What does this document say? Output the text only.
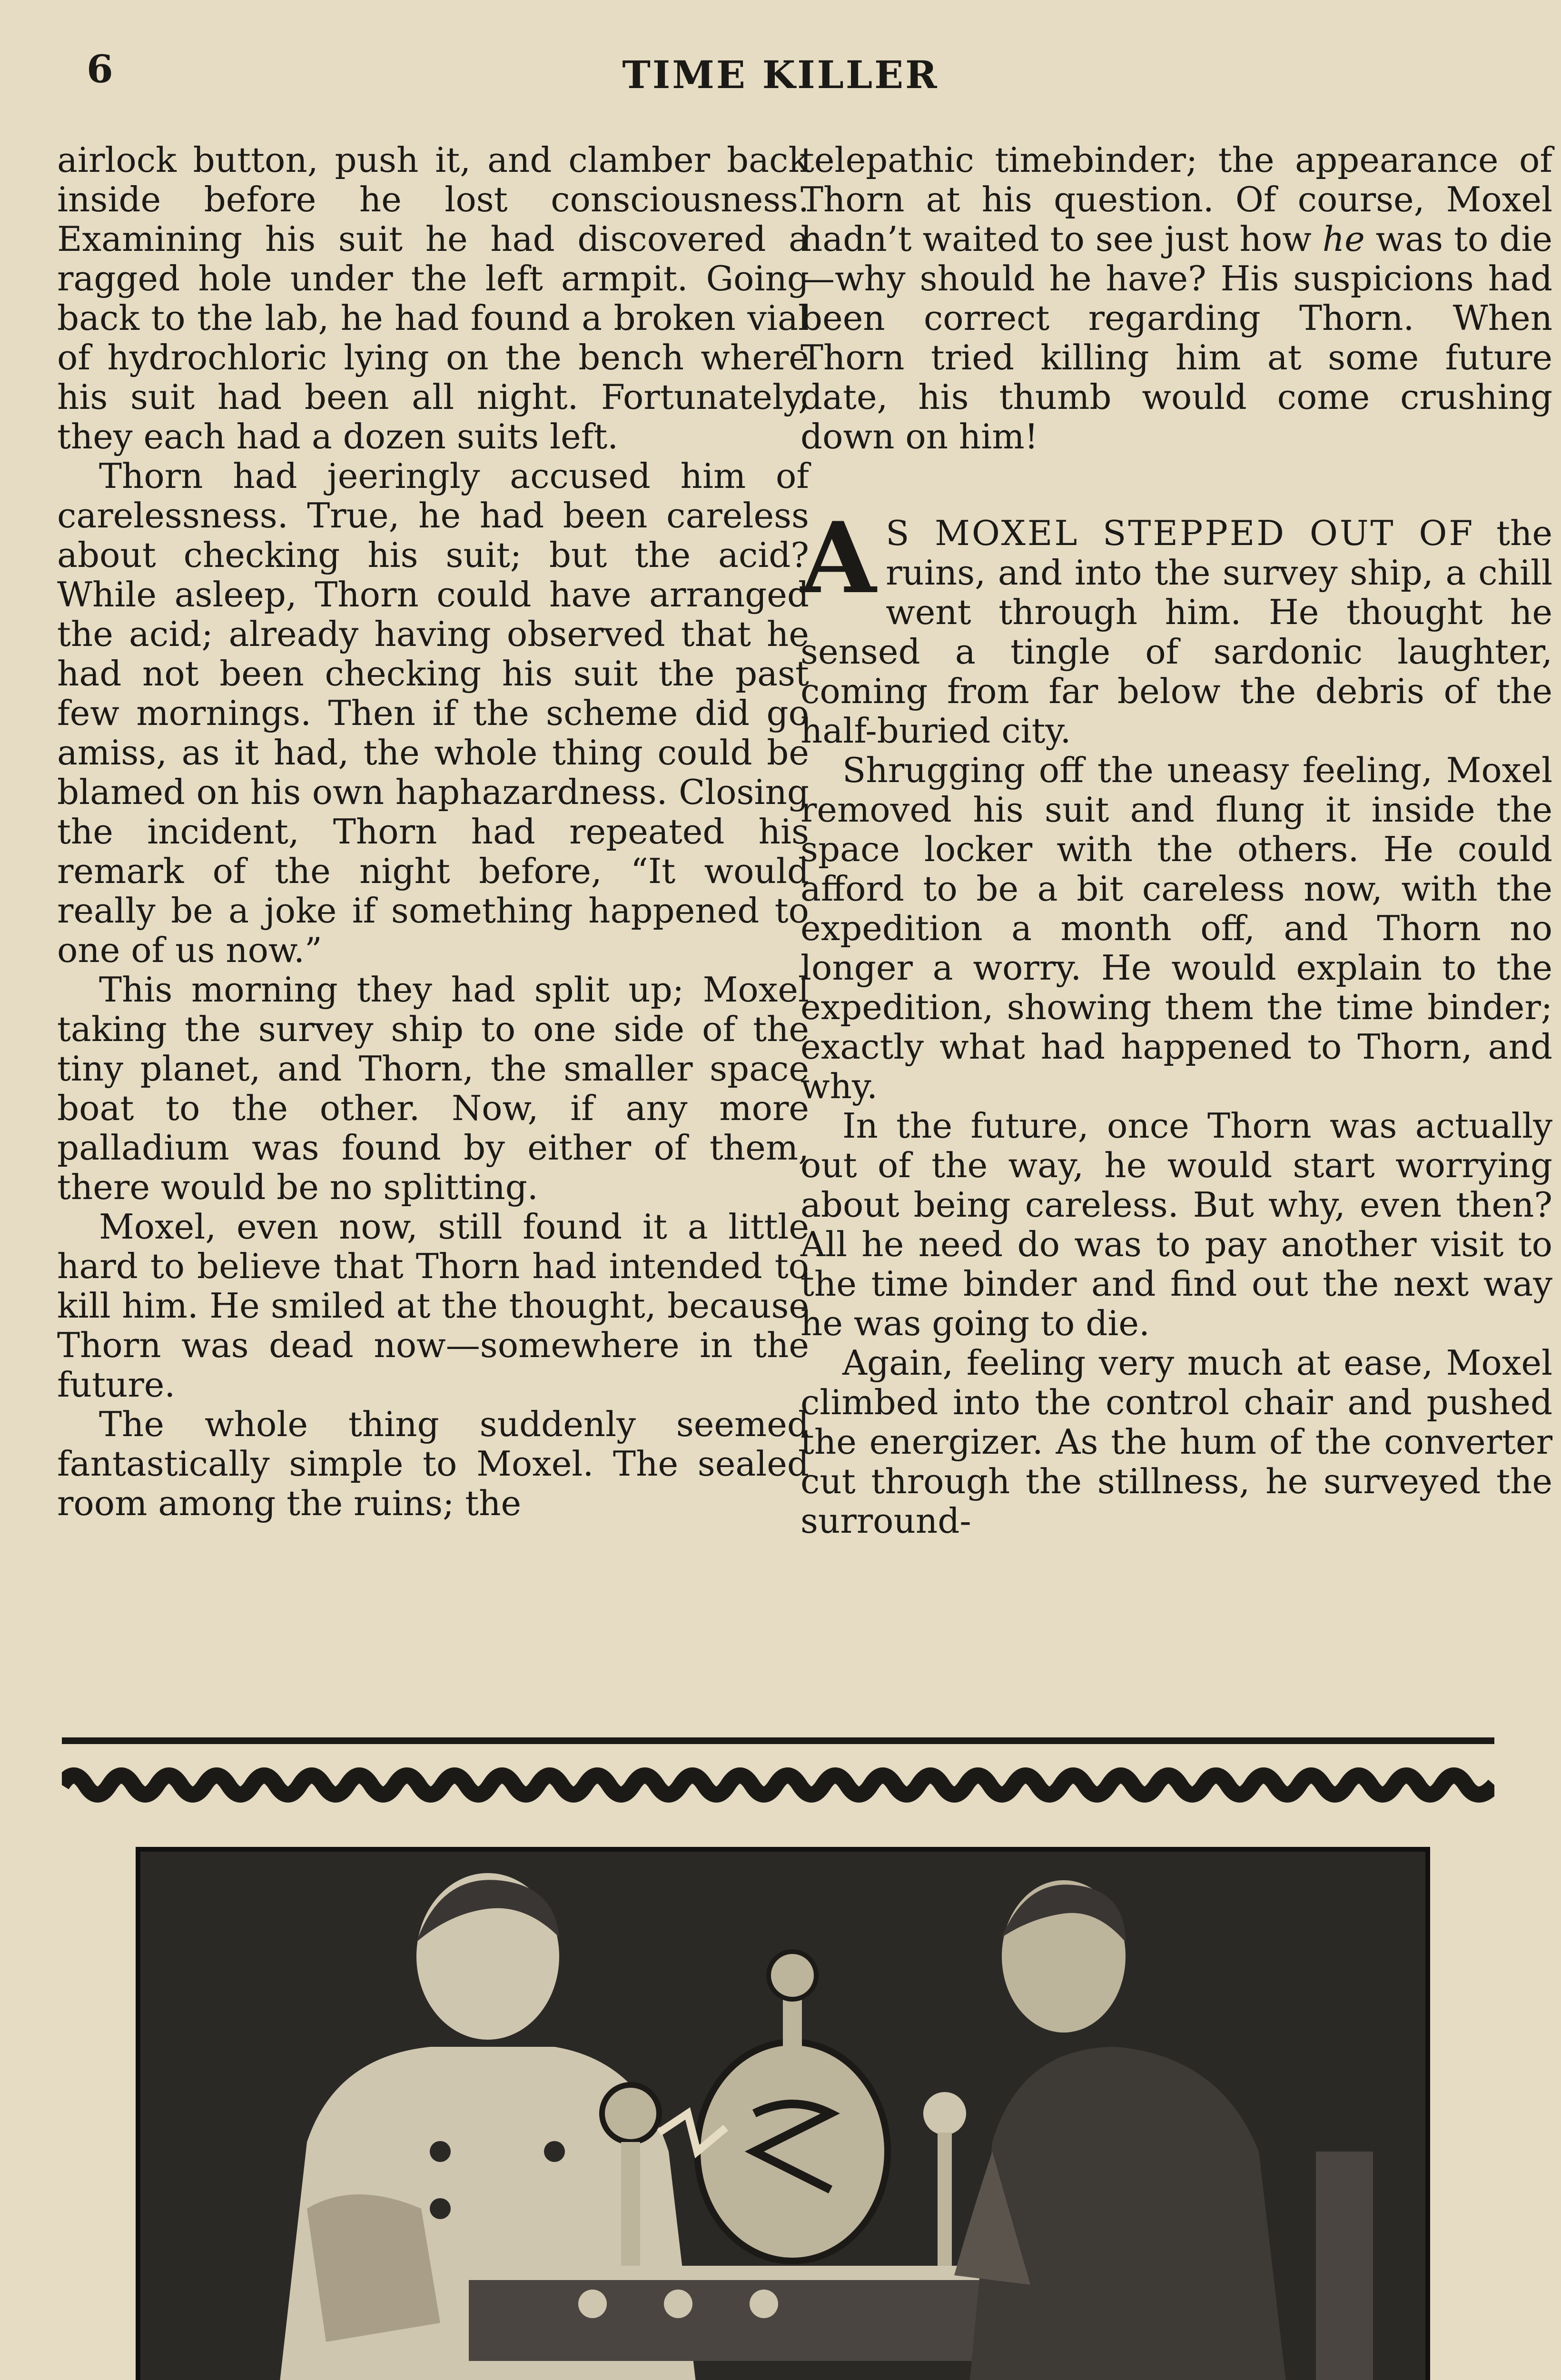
6	TIME KILLER

airlock button, push it, and clamber back inside before he lost consciousness. Examining his suit he had discovered a ragged hole under the left armpit. Going back to the lab, he had found a broken vial of hydrochloric lying on the bench where his suit had been all night. Fortunately, they each had a dozen suits left.

Thorn had jeeringly accused him of carelessness. True, he had been careless about checking his suit; but the acid? While asleep, Thorn could have arranged the acid; already having observed that he had not been checking his suit the past few mornings. Then if the scheme did go amiss, as it had, the whole thing could be blamed on his own haphazardness. Closing the incident, Thorn had repeated his remark of the night before, “It would really be a joke if something happened to one of us now.”

This morning they had split up; Moxel taking the survey ship to one side of the tiny planet, and Thorn, the smaller space boat to the other. Now, if any more palladium was found by either of them, there would be no splitting.

Moxel, even now, still found it a little hard to believe that Thorn had intended to kill him. He smiled at the thought, because Thorn was dead now—somewhere in the future.

The whole thing suddenly seemed fantastically simple to Moxel. The sealed room among the ruins; the

telepathic timebinder; the appearance of Thorn at his question. Of course, Moxel hadn’t waited to see just how he was to die—why should he have? His suspicions had been correct regarding Thorn. When Thorn tried killing him at some future date, his thumb would come crushing down on him!

A S MOXEL STEPPED OUT OF the ruins, and into the survey ship, a chill went through him. He thought he sensed a tingle of sardonic laughter, coming from far below the debris of the half-buried city.

Shrugging off the uneasy feeling, Moxel removed his suit and flung it inside the space locker with the others. He could afford to be a bit careless now, with the expedition a month off, and Thorn no longer a worry. He would explain to the expedition, showing them the time binder; exactly what had happened to Thorn, and why.

In the future, once Thorn was actually out of the way, he would start worrying about being careless. But why, even then? All he need do was to pay another visit to the time binder and find out the next way he was going to die.

Again, feeling very much at ease, Moxel climbed into the control chair and pushed the energizer. As the hum of the converter cut through the stillness, he surveyed the surround-
